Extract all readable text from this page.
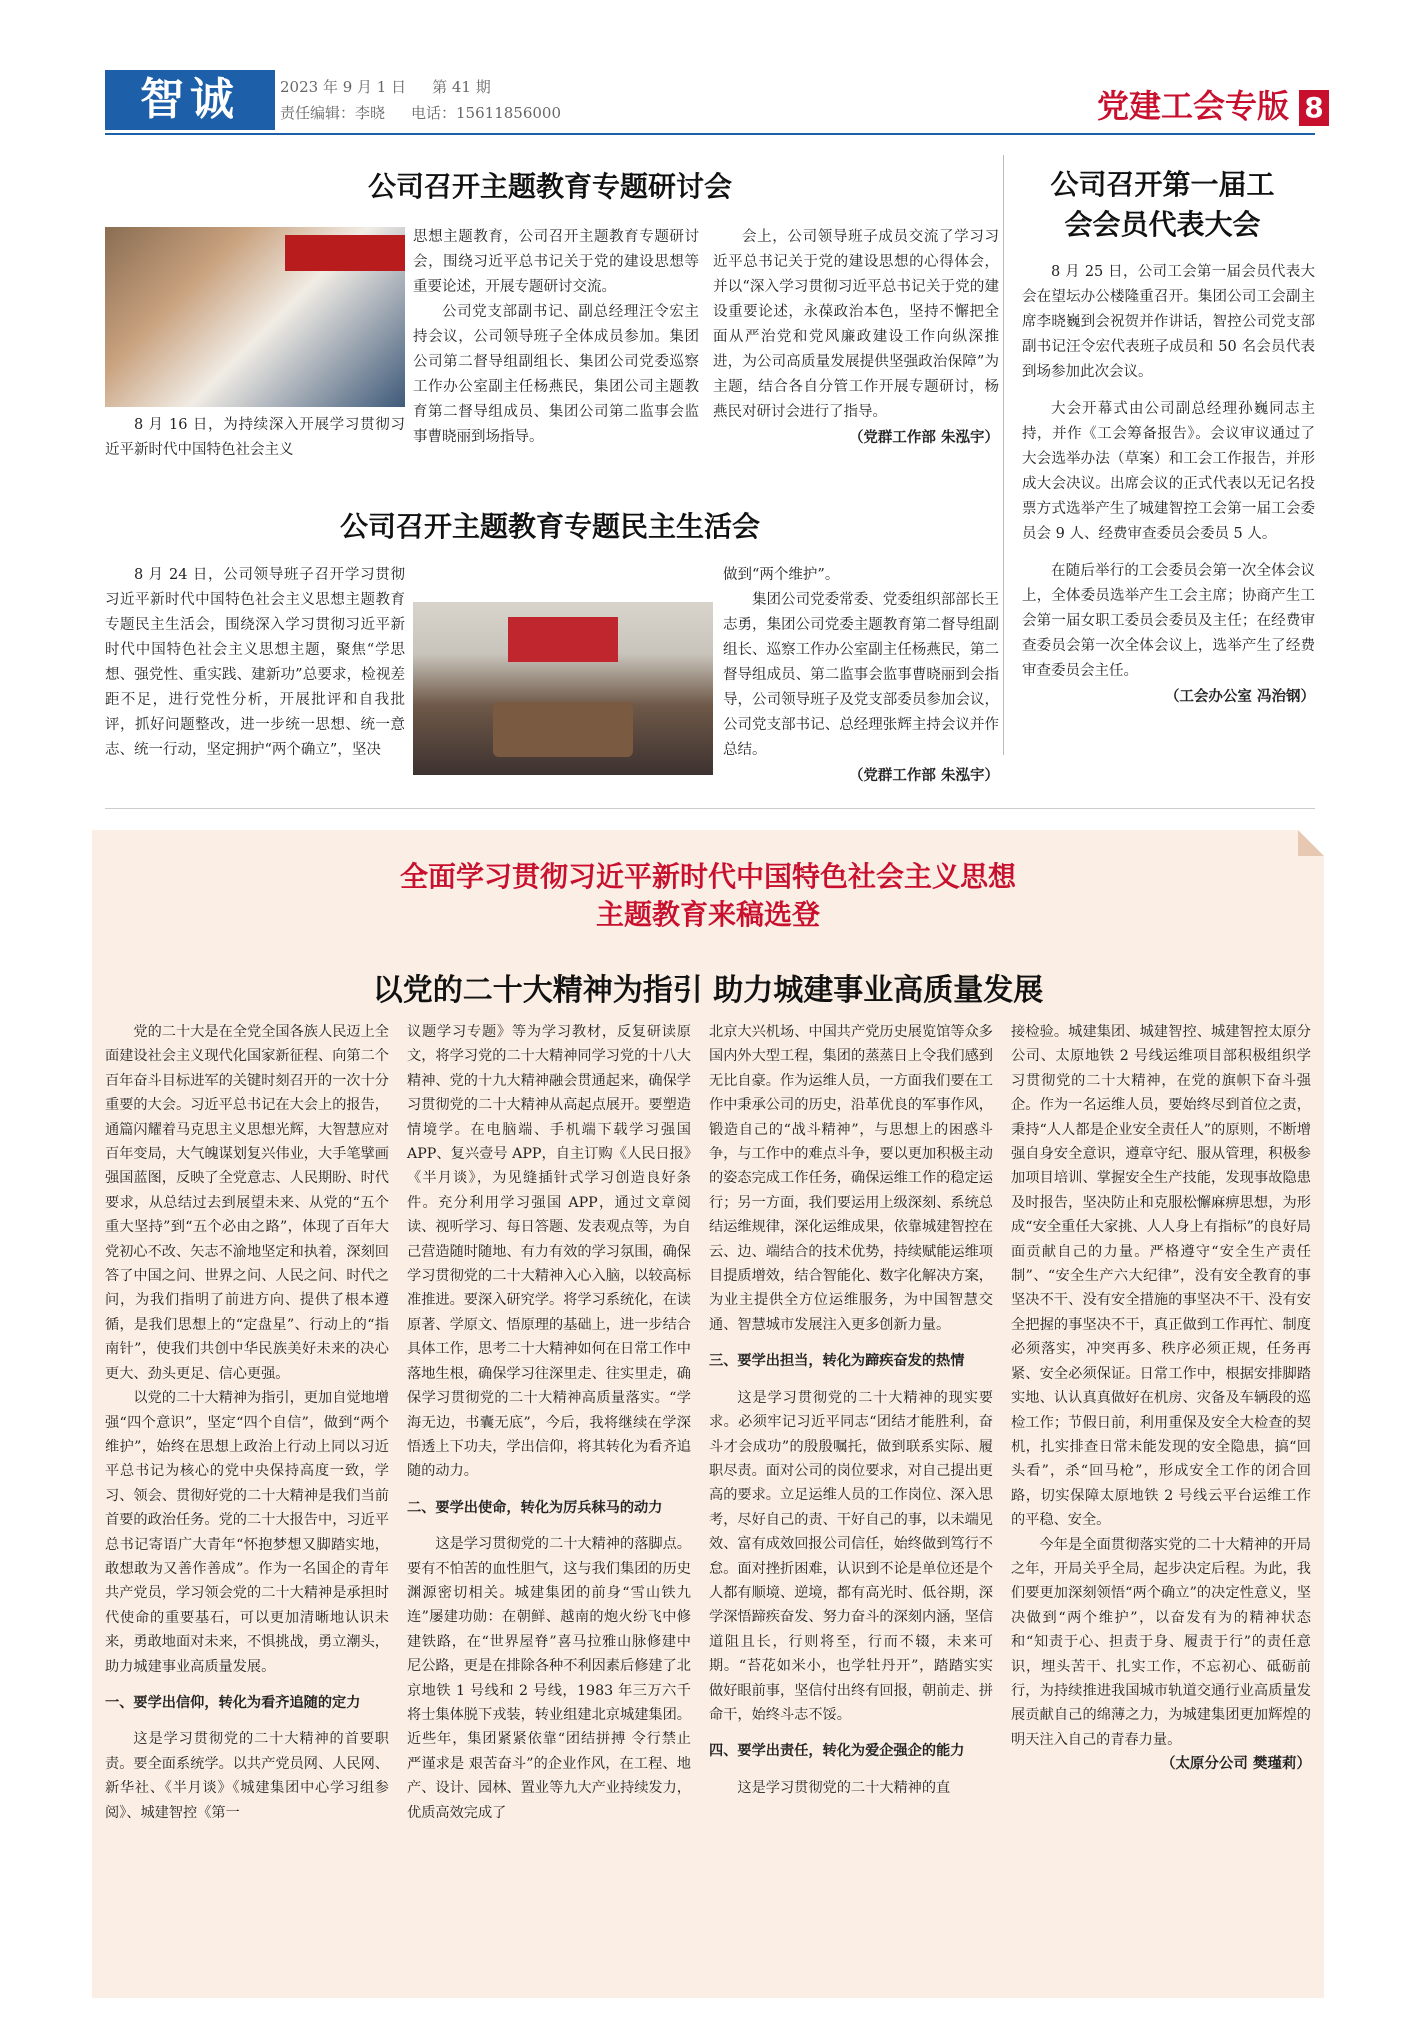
智诚	2023 年 9 月 1 日 第 41 期
责任编辑：李晓 电话：15611856000	党建工会专版 8
公司召开主题教育专题研讨会

8 月 16 日，为持续深入开展学习贯彻习近平新时代中国特色社会主义

思想主题教育，公司召开主题教育专题研讨会，围绕习近平总书记关于党的建设思想等重要论述，开展专题研讨交流。

公司党支部副书记、副总经理汪令宏主持会议，公司领导班子全体成员参加。集团公司第二督导组副组长、集团公司党委巡察工作办公室副主任杨燕民，集团公司主题教育第二督导组成员、集团公司第二监事会监事曹晓丽到场指导。

会上，公司领导班子成员交流了学习习近平总书记关于党的建设思想的心得体会，并以“深入学习贯彻习近平总书记关于党的建设重要论述，永葆政治本色，坚持不懈把全面从严治党和党风廉政建设工作向纵深推进，为公司高质量发展提供坚强政治保障”为主题，结合各自分管工作开展专题研讨，杨燕民对研讨会进行了指导。

（党群工作部 朱泓宇）
公司召开主题教育专题民主生活会

8 月 24 日，公司领导班子召开学习贯彻习近平新时代中国特色社会主义思想主题教育专题民主生活会，围绕深入学习贯彻习近平新时代中国特色社会主义思想主题，聚焦“学思想、强党性、重实践、建新功”总要求，检视差距不足，进行党性分析，开展批评和自我批评，抓好问题整改，进一步统一思想、统一意志、统一行动，坚定拥护“两个确立”，坚决

做到“两个维护”。

集团公司党委常委、党委组织部部长王志勇，集团公司党委主题教育第二督导组副组长、巡察工作办公室副主任杨燕民，第二督导组成员、第二监事会监事曹晓丽到会指导，公司领导班子及党支部委员参加会议，公司党支部书记、总经理张辉主持会议并作总结。

（党群工作部 朱泓宇）
公司召开第一届工
会会员代表大会

8 月 25 日，公司工会第一届会员代表大会在望坛办公楼隆重召开。集团公司工会副主席李晓巍到会祝贺并作讲话，智控公司党支部副书记汪令宏代表班子成员和 50 名会员代表到场参加此次会议。

大会开幕式由公司副总经理孙巍同志主持，并作《工会筹备报告》。会议审议通过了大会选举办法（草案）和工会工作报告，并形成大会决议。出席会议的正式代表以无记名投票方式选举产生了城建智控工会第一届工会委员会 9 人、经费审查委员会委员 5 人。

在随后举行的工会委员会第一次全体会议上，全体委员选举产生工会主席；协商产生工会第一届女职工委员会委员及主任；在经费审查委员会第一次全体会议上，选举产生了经费审查委员会主任。

（工会办公室 冯治钢）
全面学习贯彻习近平新时代中国特色社会主义思想
主题教育来稿选登
以党的二十大精神为指引 助力城建事业高质量发展

党的二十大是在全党全国各族人民迈上全面建设社会主义现代化国家新征程、向第二个百年奋斗目标进军的关键时刻召开的一次十分重要的大会。习近平总书记在大会上的报告，通篇闪耀着马克思主义思想光辉，大智慧应对百年变局，大气魄谋划复兴伟业，大手笔擘画强国蓝图，反映了全党意志、人民期盼、时代要求，从总结过去到展望未来、从党的“五个重大坚持”到“五个必由之路”，体现了百年大党初心不改、矢志不渝地坚定和执着，深刻回答了中国之问、世界之问、人民之问、时代之问，为我们指明了前进方向、提供了根本遵循，是我们思想上的“定盘星”、行动上的“指南针”，使我们共创中华民族美好未来的决心更大、劲头更足、信心更强。

以党的二十大精神为指引，更加自觉地增强“四个意识”，坚定“四个自信”，做到“两个维护”，始终在思想上政治上行动上同以习近平总书记为核心的党中央保持高度一致，学习、领会、贯彻好党的二十大精神是我们当前首要的政治任务。党的二十大报告中，习近平总书记寄语广大青年“怀抱梦想又脚踏实地，敢想敢为又善作善成”。作为一名国企的青年共产党员，学习领会党的二十大精神是承担时代使命的重要基石，可以更加清晰地认识未来，勇敢地面对未来，不惧挑战，勇立潮头，助力城建事业高质量发展。

一、要学出信仰，转化为看齐追随的定力

这是学习贯彻党的二十大精神的首要职责。要全面系统学。以共产党员网、人民网、新华社、《半月谈》《城建集团中心学习组参阅》、城建智控《第一

议题学习专题》等为学习教材，反复研读原文，将学习党的二十大精神同学习党的十八大精神、党的十九大精神融会贯通起来，确保学习贯彻党的二十大精神从高起点展开。要塑造情境学。在电脑端、手机端下载学习强国 APP、复兴壹号 APP，自主订购《人民日报》《半月谈》，为见缝插针式学习创造良好条件。充分利用学习强国 APP，通过文章阅读、视听学习、每日答题、发表观点等，为自己营造随时随地、有力有效的学习氛围，确保学习贯彻党的二十大精神入心入脑，以较高标准推进。要深入研究学。将学习系统化，在读原著、学原文、悟原理的基础上，进一步结合具体工作，思考二十大精神如何在日常工作中落地生根，确保学习往深里走、往实里走，确保学习贯彻党的二十大精神高质量落实。“学海无边，书囊无底”，今后，我将继续在学深悟透上下功夫，学出信仰，将其转化为看齐追随的动力。

二、要学出使命，转化为厉兵秣马的动力

这是学习贯彻党的二十大精神的落脚点。要有不怕苦的血性胆气，这与我们集团的历史渊源密切相关。城建集团的前身“雪山铁九连”屡建功勋：在朝鲜、越南的炮火纷飞中修建铁路，在“世界屋脊”喜马拉雅山脉修建中尼公路，更是在排除各种不利因素后修建了北京地铁 1 号线和 2 号线，1983 年三万六千将士集体脱下戎装，转业组建北京城建集团。近些年，集团紧紧依靠“团结拼搏 令行禁止 严谨求是 艰苦奋斗”的企业作风，在工程、地产、设计、园林、置业等九大产业持续发力，优质高效完成了

北京大兴机场、中国共产党历史展览馆等众多国内外大型工程，集团的蒸蒸日上令我们感到无比自豪。作为运维人员，一方面我们要在工作中秉承公司的历史，沿革优良的军事作风，锻造自己的“战斗精神”，与思想上的困惑斗争，与工作中的难点斗争，要以更加积极主动的姿态完成工作任务，确保运维工作的稳定运行；另一方面，我们要运用上级深刻、系统总结运维规律，深化运维成果，依靠城建智控在云、边、端结合的技术优势，持续赋能运维项目提质增效，结合智能化、数字化解决方案，为业主提供全方位运维服务，为中国智慧交通、智慧城市发展注入更多创新力量。

三、要学出担当，转化为蹄疾奋发的热情

这是学习贯彻党的二十大精神的现实要求。必须牢记习近平同志“团结才能胜利，奋斗才会成功”的殷殷嘱托，做到联系实际、履职尽责。面对公司的岗位要求，对自己提出更高的要求。立足运维人员的工作岗位、深入思考，尽好自己的责、干好自己的事，以未端见效、富有成效回报公司信任，始终做到笃行不怠。面对挫折困难，认识到不论是单位还是个人都有顺境、逆境，都有高光时、低谷期，深学深悟蹄疾奋发、努力奋斗的深刻内涵，坚信道阻且长，行则将至，行而不辍，未来可期。“苔花如米小，也学牡丹开”，踏踏实实做好眼前事，坚信付出终有回报，朝前走、拼命干，始终斗志不馁。

四、要学出责任，转化为爱企强企的能力

这是学习贯彻党的二十大精神的直

接检验。城建集团、城建智控、城建智控太原分公司、太原地铁 2 号线运维项目部积极组织学习贯彻党的二十大精神，在党的旗帜下奋斗强企。作为一名运维人员，要始终尽到首位之责，秉持“人人都是企业安全责任人”的原则，不断增强自身安全意识，遵章守纪、服从管理，积极参加项目培训、掌握安全生产技能，发现事故隐患及时报告，坚决防止和克服松懈麻痹思想，为形成“安全重任大家挑、人人身上有指标”的良好局面贡献自己的力量。严格遵守“安全生产责任制”、“安全生产六大纪律”，没有安全教育的事坚决不干、没有安全措施的事坚决不干、没有安全把握的事坚决不干，真正做到工作再忙、制度必须落实，冲突再多、秩序必须正规，任务再紧、安全必须保证。日常工作中，根据安排脚踏实地、认认真真做好在机房、灾备及车辆段的巡检工作；节假日前，利用重保及安全大检查的契机，扎实排查日常未能发现的安全隐患，搞“回头看”，杀“回马枪”，形成安全工作的闭合回路，切实保障太原地铁 2 号线云平台运维工作的平稳、安全。

今年是全面贯彻落实党的二十大精神的开局之年，开局关乎全局，起步决定后程。为此，我们要更加深刻领悟“两个确立”的决定性意义，坚决做到“两个维护”，以奋发有为的精神状态和“知责于心、担责于身、履责于行”的责任意识，埋头苦干、扎实工作，不忘初心、砥砺前行，为持续推进我国城市轨道交通行业高质量发展贡献自己的绵薄之力，为城建集团更加辉煌的明天注入自己的青春力量。

（太原分公司 樊瑾莉）
